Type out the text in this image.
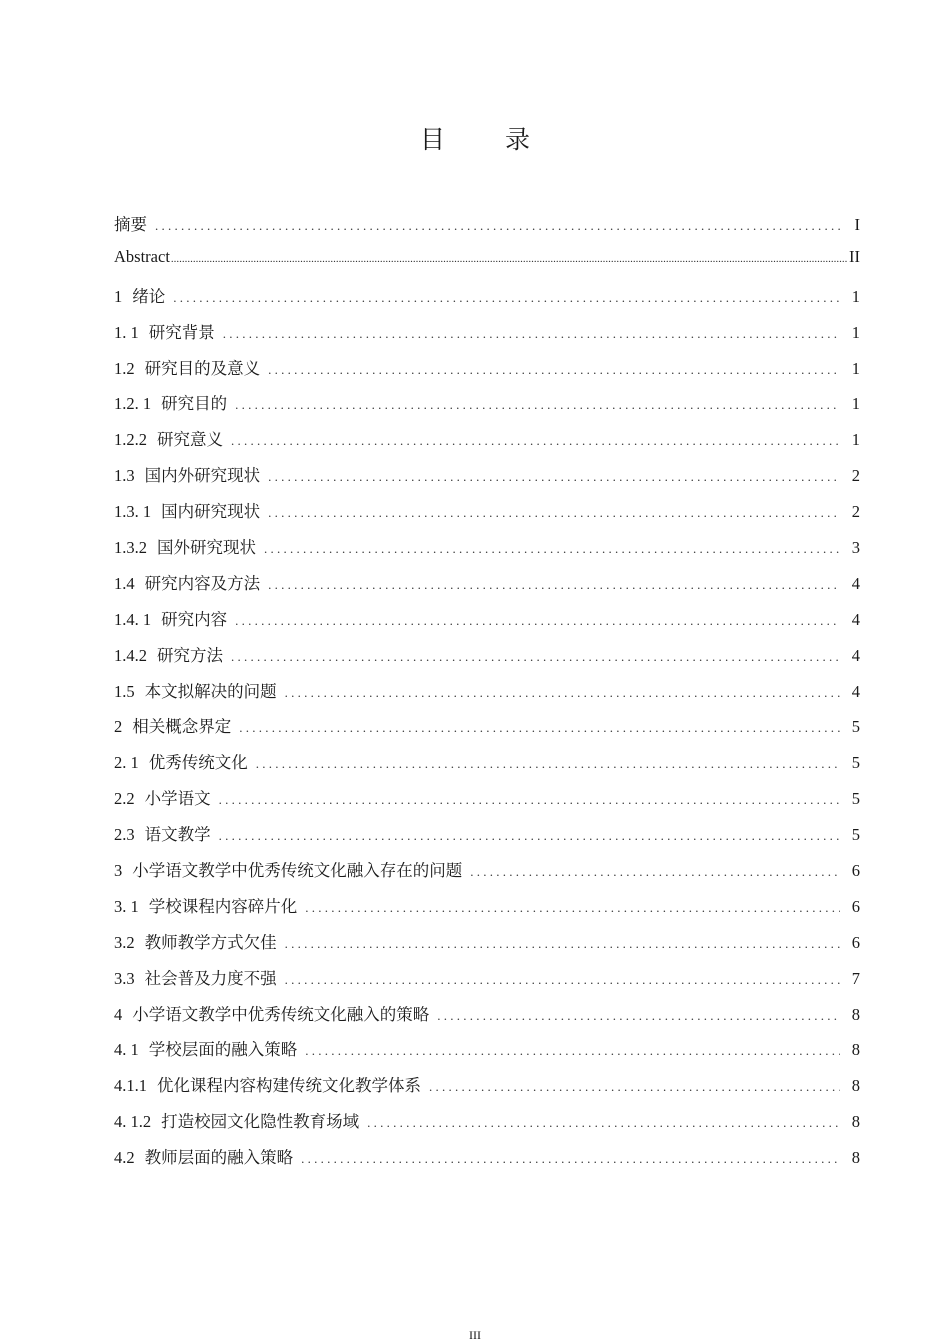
目 录
摘要 . . .	I
Abstract .....	II
1 绪论 . . .	1
1. 1 研究背景 . . .	1
1.2 研究目的及意义 . . .	1
1.2. 1 研究目的 . . .	1
1.2.2 研究意义 . . .	1
1.3 国内外研究现状 . . .	2
1.3. 1 国内研究现状 . . .	2
1.3.2 国外研究现状 . . .	3
1.4 研究内容及方法 . . .	4
1.4. 1 研究内容 . . .	4
1.4.2 研究方法 . . .	4
1.5 本文拟解决的问题 . . .	4
2 相关概念界定 . . .	5
2. 1 优秀传统文化 . . .	5
2.2 小学语文 . . .	5
2.3 语文教学 . . .	5
3 小学语文教学中优秀传统文化融入存在的问题 . . .	6
3. 1 学校课程内容碎片化 . . .	6
3.2 教师教学方式欠佳 . . .	6
3.3 社会普及力度不强 . . .	7
4 小学语文教学中优秀传统文化融入的策略 . . .	8
4. 1 学校层面的融入策略 . . .	8
4.1.1 优化课程内容构建传统文化教学体系 . . .	8
4. 1.2 打造校园文化隐性教育场域 . . .	8
4.2 教师层面的融入策略 . . .	8
III
